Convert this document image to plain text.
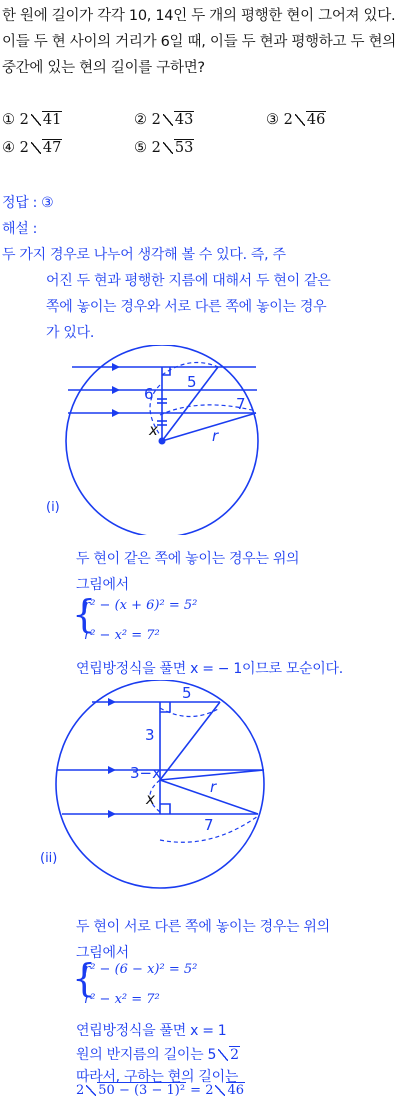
한 원에 길이가 각각 10, 14인 두 개의 평행한 현이 그어져 있다.
이들 두 현 사이의 거리가 6일 때, 이들 두 현과 평행하고 두 현의
중간에 있는 현의 길이를 구하면?
① 2 41	② 2 43	③ 2 46
④ 2 47	⑤ 2 53
정답 : ③
해설 :
두 가지 경우로 나누어 생각해 볼 수 있다. 즉, 주
어진 두 현과 평행한 지름에 대해서 두 현이 같은
쪽에 놓이는 경우와 서로 다른 쪽에 놓이는 경우
가 있다.
5
6
7
x	r
(i)
두 현이 같은 쪽에 놓이는 경우는 위의
그림에서
{
r² − (x + 6)² = 5²
r² − x² = 7²
연립방정식을 풀면 x = − 1이므로 모순이다.
5
3
3−x
x
r
7
(ii)
두 현이 서로 다른 쪽에 놓이는 경우는 위의
그림에서
{
r² − (6 − x)² = 5²
r² − x² = 7²
연립방정식을 풀면 x = 1
원의 반지름의 길이는 5 2
따라서, 구하는 현의 길이는
2 50 − (3 − 1)² = 2 46
